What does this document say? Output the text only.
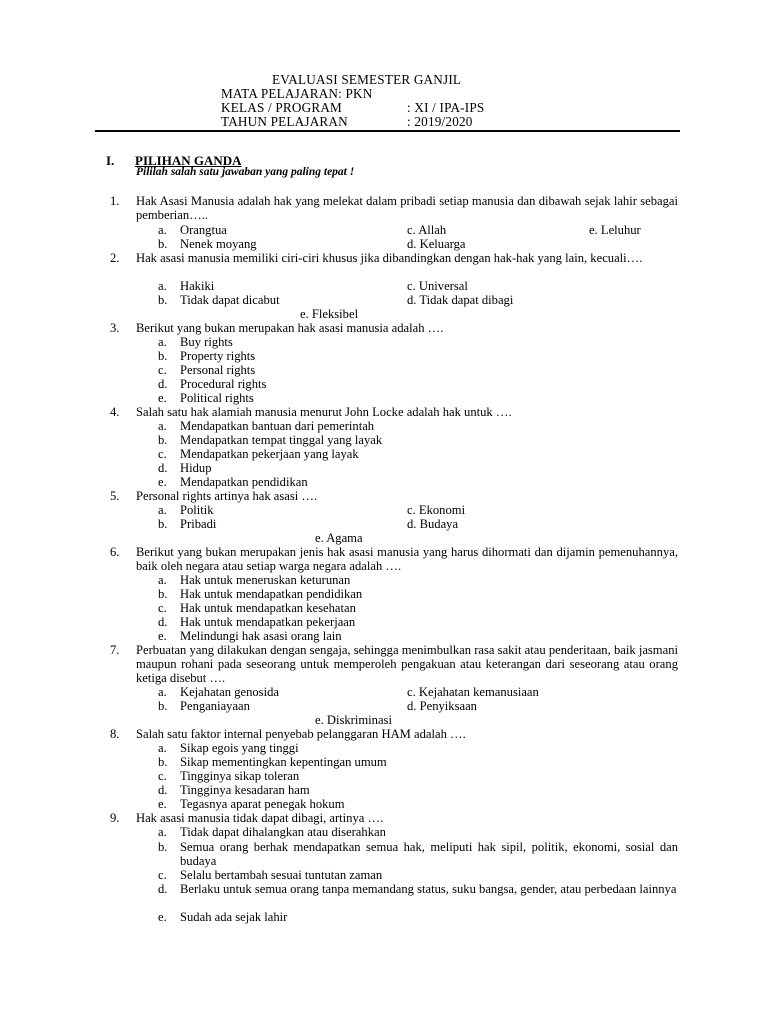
EVALUASI SEMESTER GANJIL
MATA PELAJARAN: PKN
KELAS / PROGRAM	: XI / IPA-IPS
TAHUN PELAJARAN	: 2019/2020
I. PILIHAN GANDA
Pililah salah satu jawaban yang paling tepat !
1. Hak Asasi Manusia adalah hak yang melekat dalam pribadi setiap manusia dan dibawah sejak lahir sebagai pemberian…..
a. Orangtua
b. Nenek moyang
c. Allah
d. Keluarga
e. Leluhur
2. Hak asasi manusia memiliki ciri-ciri khusus jika dibandingkan dengan hak-hak yang lain, kecuali….
a. Hakiki
b. Tidak dapat dicabut
c. Universal
d. Tidak dapat dibagi
e. Fleksibel
3. Berikut yang bukan merupakan hak asasi manusia adalah ….
a. Buy rights
b. Property rights
c. Personal rights
d. Procedural rights
e. Political rights
4. Salah satu hak alamiah manusia menurut John Locke adalah hak untuk ….
a. Mendapatkan bantuan dari pemerintah
b. Mendapatkan tempat tinggal yang layak
c. Mendapatkan pekerjaan yang layak
d. Hidup
e. Mendapatkan pendidikan
5. Personal rights artinya hak asasi ….
a. Politik
b. Pribadi
c. Ekonomi
d. Budaya
e. Agama
6. Berikut yang bukan merupakan jenis hak asasi manusia yang harus dihormati dan dijamin pemenuhannya, baik oleh negara atau setiap warga negara adalah ….
a. Hak untuk meneruskan keturunan
b. Hak untuk mendapatkan pendidikan
c. Hak untuk mendapatkan kesehatan
d. Hak untuk mendapatkan pekerjaan
e. Melindungi hak asasi orang lain
7. Perbuatan yang dilakukan dengan sengaja, sehingga menimbulkan rasa sakit atau penderitaan, baik jasmani maupun rohani pada seseorang untuk memperoleh pengakuan atau keterangan dari seseorang atau orang ketiga disebut ….
a. Kejahatan genosida
b. Penganiayaan
c. Kejahatan kemanusiaan
d. Penyiksaan
e. Diskriminasi
8. Salah satu faktor internal penyebab pelanggaran HAM adalah ….
a. Sikap egois yang tinggi
b. Sikap mementingkan kepentingan umum
c. Tingginya sikap toleran
d. Tingginya kesadaran ham
e. Tegasnya aparat penegak hokum
9. Hak asasi manusia tidak dapat dibagi, artinya ….
a. Tidak dapat dihalangkan atau diserahkan
b. Semua orang berhak mendapatkan semua hak, meliputi hak sipil, politik, ekonomi, sosial dan budaya
c. Selalu bertambah sesuai tuntutan zaman
d. Berlaku untuk semua orang tanpa memandang status, suku bangsa, gender, atau perbedaan lainnya
e. Sudah ada sejak lahir
